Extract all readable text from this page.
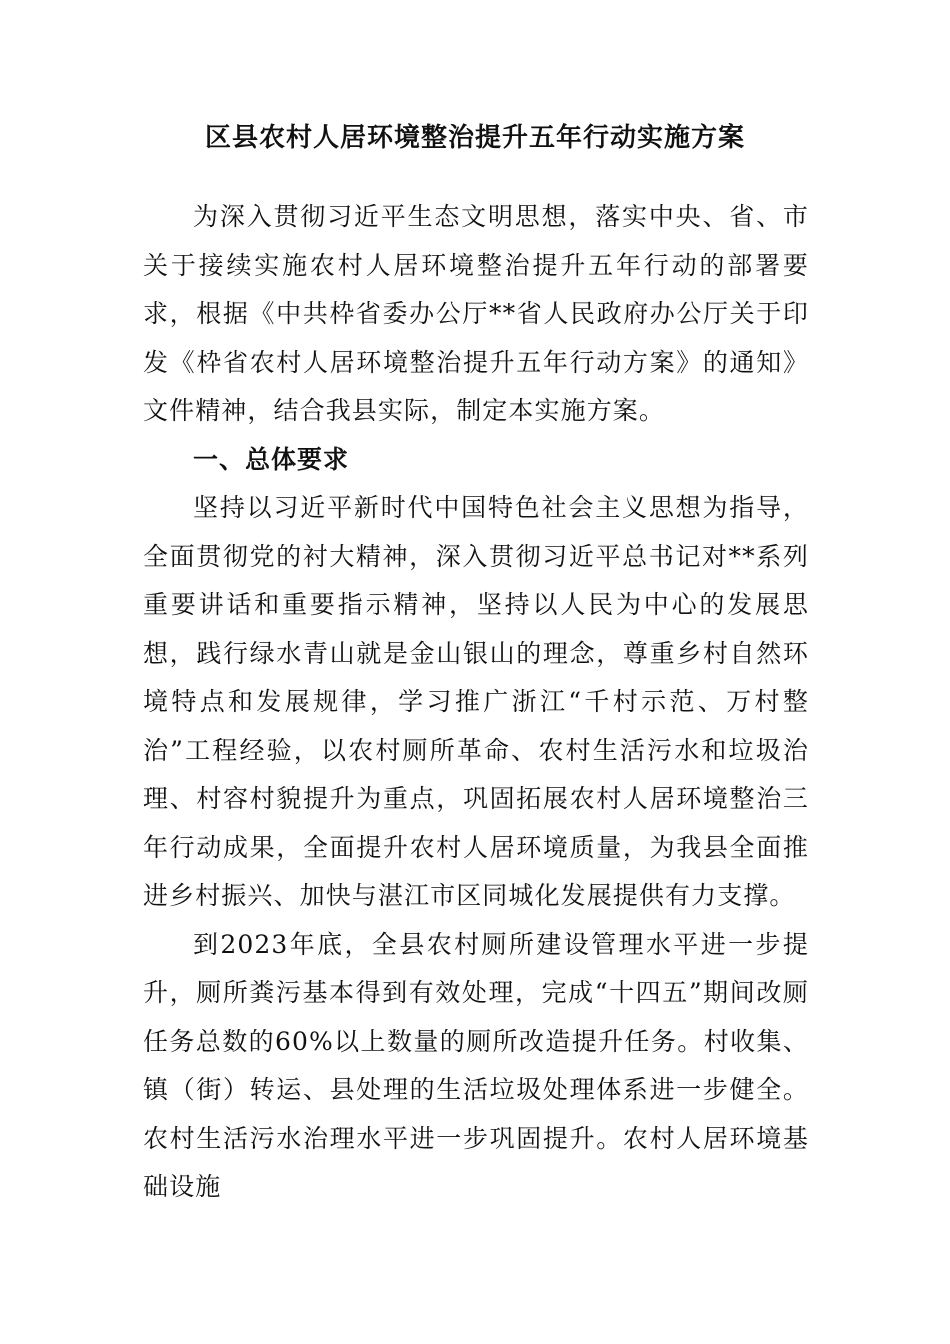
区县农村人居环境整治提升五年行动实施方案

为深入贯彻习近平生态文明思想，落实中央、省、市关于接续实施农村人居环境整治提升五年行动的部署要求，根据《中共枠省委办公厅**省人民政府办公厅关于印发《枠省农村人居环境整治提升五年行动方案》的通知》文件精神，结合我县实际，制定本实施方案。

一、总体要求

坚持以习近平新时代中国特色社会主义思想为指导，全面贯彻党的衬大精神，深入贯彻习近平总书记对**系列重要讲话和重要指示精神，坚持以人民为中心的发展思想，践行绿水青山就是金山银山的理念，尊重乡村自然环境特点和发展规律，学习推广浙江“千村示范、万村整治”工程经验，以农村厕所革命、农村生活污水和垃圾治理、村容村貌提升为重点，巩固拓展农村人居环境整治三年行动成果，全面提升农村人居环境质量，为我县全面推进乡村振兴、加快与湛江市区同城化发展提供有力支撑。

到2023年底，全县农村厕所建设管理水平进一步提升，厕所粪污基本得到有效处理，完成“十四五”期间改厕任务总数的60%以上数量的厕所改造提升任务。村收集、镇（街）转运、县处理的生活垃圾处理体系进一步健全。农村生活污水治理水平进一步巩固提升。农村人居环境基础设施
